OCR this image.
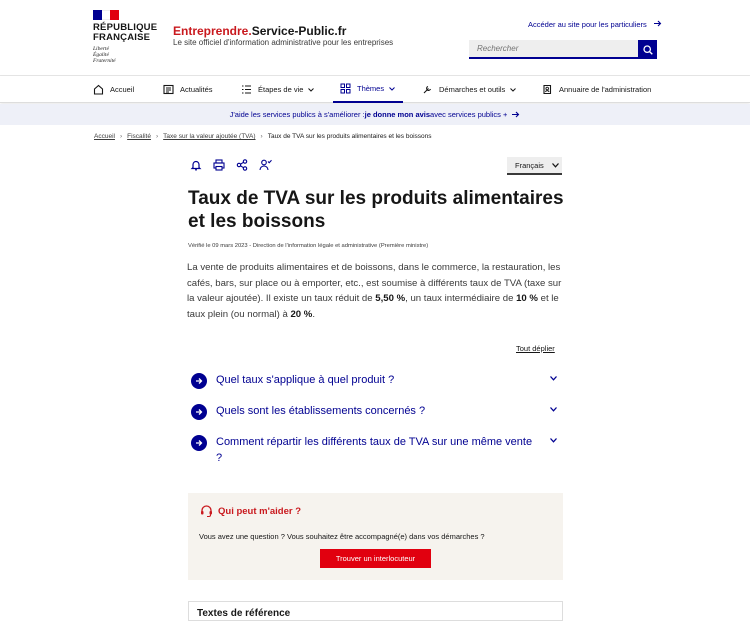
RÉPUBLIQUE
FRANÇAISE
Liberté
Égalité
Fraternité
Entreprendre.Service-Public.fr
Le site officiel d'information administrative pour les entreprises
Accéder au site pour les particuliers
Rechercher
Accueil	Actualités	Étapes de vie	Thèmes	Démarches et outils	Annuaire de l'administration
J'aide les services publics à s'améliorer : je donne mon avis avec services publics +
Accueil › Fiscalité › Taxe sur la valeur ajoutée (TVA) › Taux de TVA sur les produits alimentaires et les boissons
Français
Taux de TVA sur les produits alimentaires et les boissons
Vérifié le 09 mars 2023 - Direction de l'information légale et administrative (Première ministre)

La vente de produits alimentaires et de boissons, dans le commerce, la restauration, les cafés, bars, sur place ou à emporter, etc., est soumise à différents taux de TVA (taxe sur la valeur ajoutée). Il existe un taux réduit de 5,50 %, un taux intermédiaire de 10 % et le taux plein (ou normal) à 20 %.

Tout déplier
Quel taux s'applique à quel produit ?
Quels sont les établissements concernés ?
Comment répartir les différents taux de TVA sur une même vente ?
Qui peut m'aider ?
Vous avez une question ? Vous souhaitez être accompagné(e) dans vos démarches ?
Trouver un interlocuteur
Textes de référence
